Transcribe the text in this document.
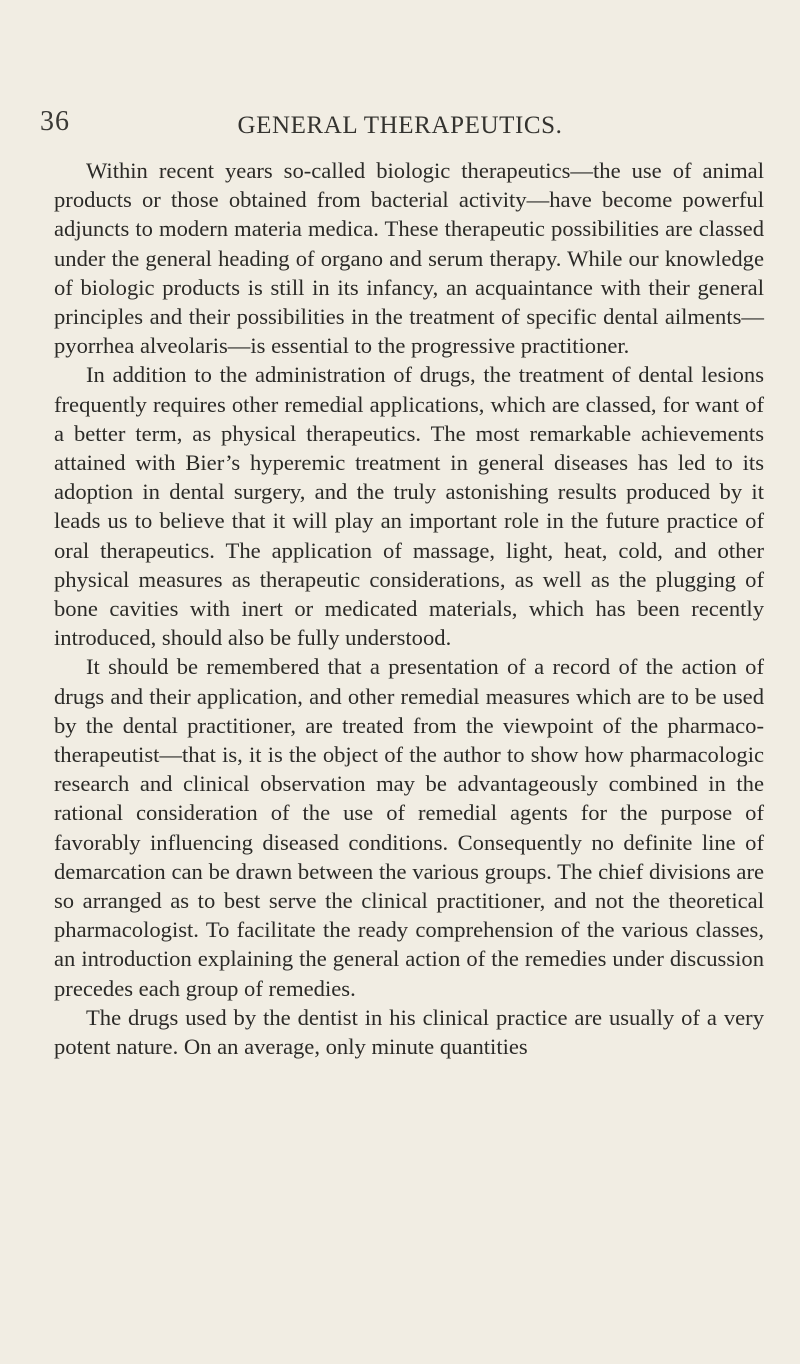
36	GENERAL THERAPEUTICS.

Within recent years so-called biologic therapeutics—the use of animal products or those obtained from bacterial activity—have become powerful adjuncts to modern materia medica. These therapeutic possibilities are classed under the general heading of organo and serum therapy. While our knowledge of biologic products is still in its infancy, an acquaintance with their general principles and their possibilities in the treatment of specific dental ailments—pyorrhea alveolaris—is essential to the progressive practitioner.

In addition to the administration of drugs, the treatment of dental lesions frequently requires other remedial applications, which are classed, for want of a better term, as physical therapeutics. The most remarkable achievements attained with Bier’s hyperemic treatment in general diseases has led to its adoption in dental surgery, and the truly astonishing results produced by it leads us to believe that it will play an important role in the future practice of oral therapeutics. The application of massage, light, heat, cold, and other physical measures as therapeutic considerations, as well as the plugging of bone cavities with inert or medicated materials, which has been recently introduced, should also be fully understood.

It should be remembered that a presentation of a record of the action of drugs and their application, and other remedial measures which are to be used by the dental practitioner, are treated from the viewpoint of the pharmaco-therapeutist—that is, it is the object of the author to show how pharmacologic research and clinical observation may be advantageously combined in the rational consideration of the use of remedial agents for the purpose of favorably influencing diseased conditions. Consequently no definite line of demarcation can be drawn between the various groups. The chief divisions are so arranged as to best serve the clinical practitioner, and not the theoretical pharmacologist. To facilitate the ready comprehension of the various classes, an introduction explaining the general action of the remedies under discussion precedes each group of remedies.

The drugs used by the dentist in his clinical practice are usually of a very potent nature. On an average, only minute quantities
